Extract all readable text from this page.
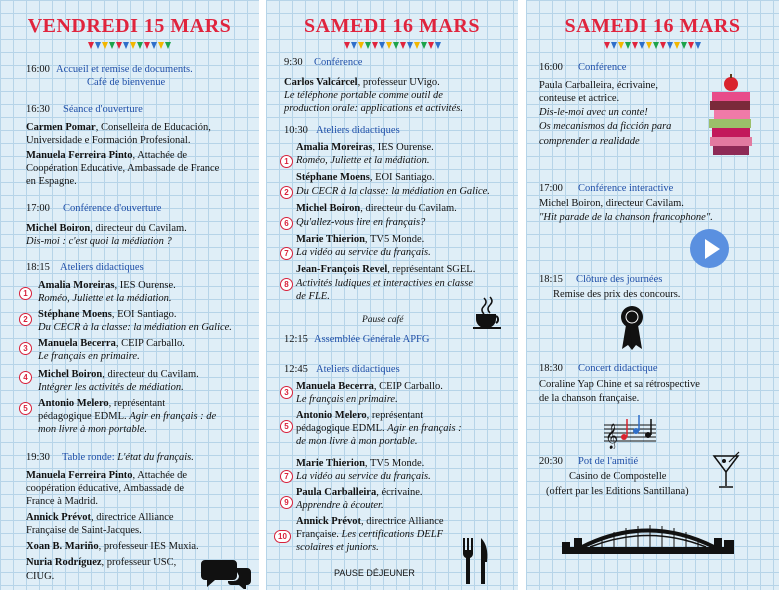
VENDREDI 15 MARS
16:00 Accueil et remise de documents.
Café de bienvenue
16:30 Séance d'ouverture
Carmen Pomar, Conselleira de Educación,
Universidade e Formación Profesional.
Manuela Ferreira Pinto, Attachée de
Coopération Educative, Ambassade de France
en Espagne.
17:00 Conférence d'ouverture
Michel Boiron, directeur du Cavilam.
Dis-moi : c'est quoi la médiation ?
18:15 Ateliers didactiques
1
Amalia Moreiras, IES Ourense.
Roméo, Juliette et la médiation.
2 Stéphane Moens, EOI Santiago.
Du CECR à la classe: la médiation en Galice.
3 Manuela Becerra, CEIP Carballo.
Le français en primaire.
4 Michel Boiron, directeur du Cavilam.
Intégrer les activités de médiation.
5 Antonio Melero, représentant
pédagogique EDML. Agir en français : de
mon livre à mon portable.
19:30 Table ronde: L'état du français.
Manuela Ferreira Pinto, Attachée de
coopération éducative, Ambassade de
France à Madrid.
Annick Prévot, directrice Alliance
Française de Saint-Jacques.
Xoan B. Mariño, professeur IES Muxia.
Nuria Rodríguez, professeur USC,
CIUG.
SAMEDI 16 MARS
9:30 Conférence
Carlos Valcárcel, professeur UVigo.
Le téléphone portable comme outil de
production orale: applications et activités.
10:30 Ateliers didactiques
Amalia Moreiras, IES Ourense.
1 Roméo, Juliette et la médiation.
Stéphane Moens, EOI Santiago.
2 Du CECR à la classe: la médiation en Galice.
Michel Boiron, directeur du Cavilam.
6 Qu'allez-vous lire en français?
Marie Thierion, TV5 Monde.
7 La vidéo au service du français.
Jean-François Revel, représentant SGEL.
8 Activités ludiques et interactives en classe
de FLE.
Pause café
12:15 Assemblée Générale APFG
12:45 Ateliers didactiques
3
Manuela Becerra, CEIP Carballo.
Le français en primaire.
5
Antonio Melero, représentant
pédagogique EDML. Agir en français :
de mon livre à mon portable.
7
Marie Thierion, TV5 Monde.
La vidéo au service du français.
9
Paula Carballeira, écrivaine.
Apprendre à écouter.
10
Annick Prévot, directrice Alliance
Française. Les certifications DELF
scolaires et juniors.
PAUSE DÉJEUNER
SAMEDI 16 MARS
16:00 Conférence
Paula Carballeira, écrivaine,
conteuse et actrice.
Dis-le-moi avec un conte!
Os mecanismos da ficción para
comprender a realidade
17:00 Conférence interactive
Michel Boiron, directeur Cavilam.
"Hit parade de la chanson francophone".
18:15 Clôture des journées
Remise des prix des concours.
18:30 Concert didactique
Coraline Yap Chine et sa rétrospective
de la chanson française.
𝄞
20:30 Pot de l'amitié
Casino de Compostelle
(offert par les Editions Santillana)
